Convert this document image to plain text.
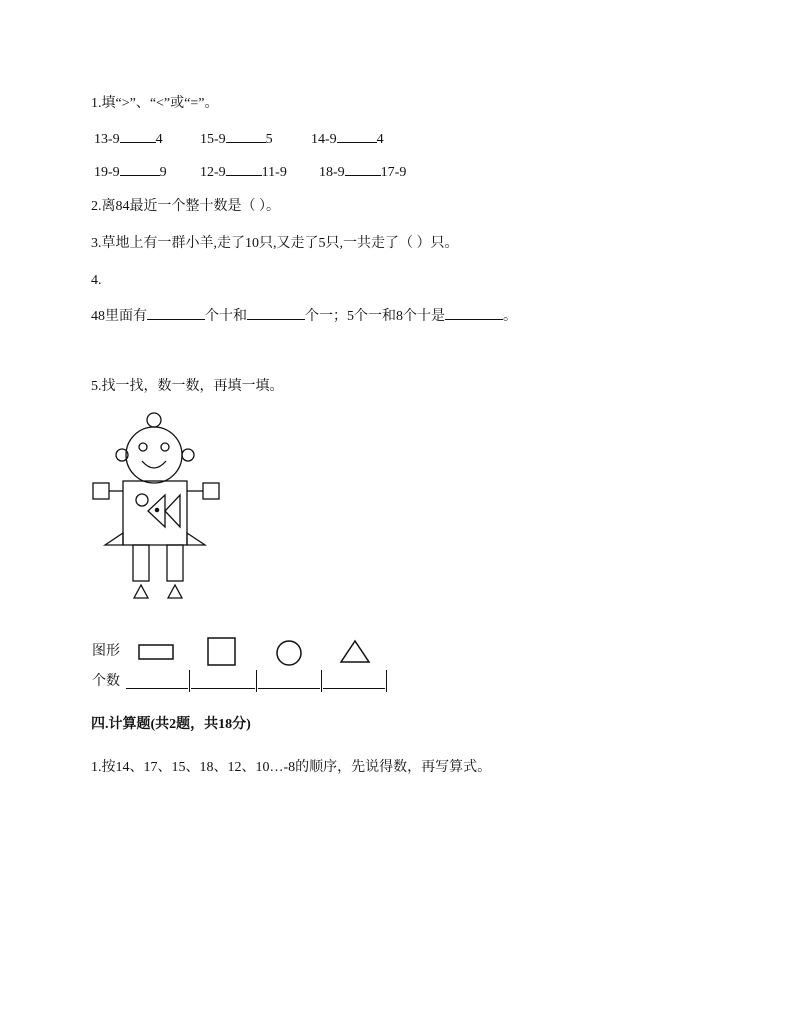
1.填“>”、“<”或“=”。
13-9	4	15-9	5	14-9	4
19-9	9 12-9	11-9 18-9	17-9
2.离84最近一个整十数是（ ）。
3.草地上有一群小羊,走了10只,又走了5只,一共走了（ ）只。
4.
48里面有	个十和	个一；5个一和8个十是	。
5.找一找，数一数，再填一填。
图形
个数
四.计算题(共2题，共18分)
1.按14、17、15、18、12、10…-8的顺序，先说得数，再写算式。
